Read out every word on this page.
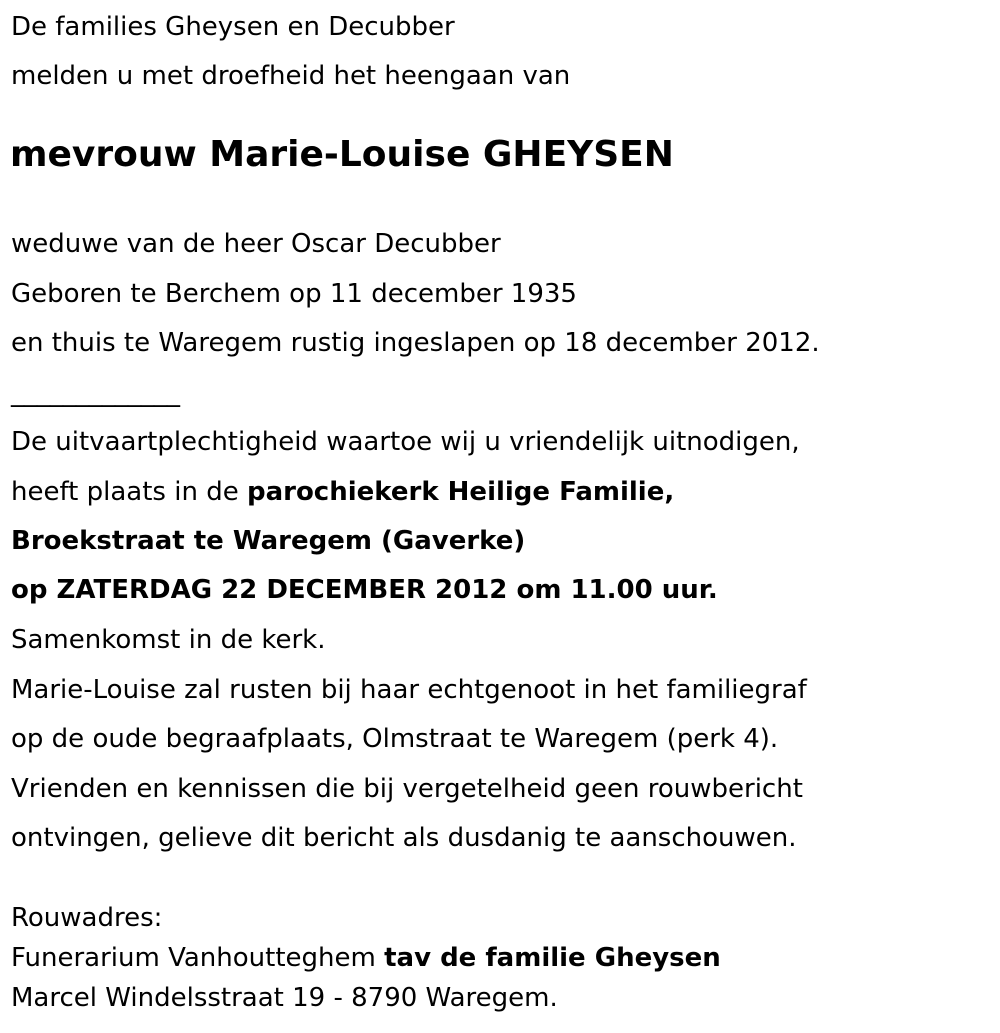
De families Gheysen en Decubber
melden u met droefheid het heengaan van
mevrouw Marie-Louise GHEYSEN
weduwe van de heer Oscar Decubber
Geboren te Berchem op 11 december 1935
en thuis te Waregem rustig ingeslapen op 18 december 2012.
_____________
De uitvaartplechtigheid waartoe wij u vriendelijk uitnodigen,
heeft plaats in de parochiekerk Heilige Familie,
Broekstraat te Waregem (Gaverke)
op ZATERDAG 22 DECEMBER 2012 om 11.00 uur.
Samenkomst in de kerk.
Marie-Louise zal rusten bij haar echtgenoot in het familiegraf
op de oude begraafplaats, Olmstraat te Waregem (perk 4).
Vrienden en kennissen die bij vergetelheid geen rouwbericht
ontvingen, gelieve dit bericht als dusdanig te aanschouwen.
Rouwadres:
Funerarium Vanhoutteghem tav de familie Gheysen
Marcel Windelsstraat 19 - 8790 Waregem.
